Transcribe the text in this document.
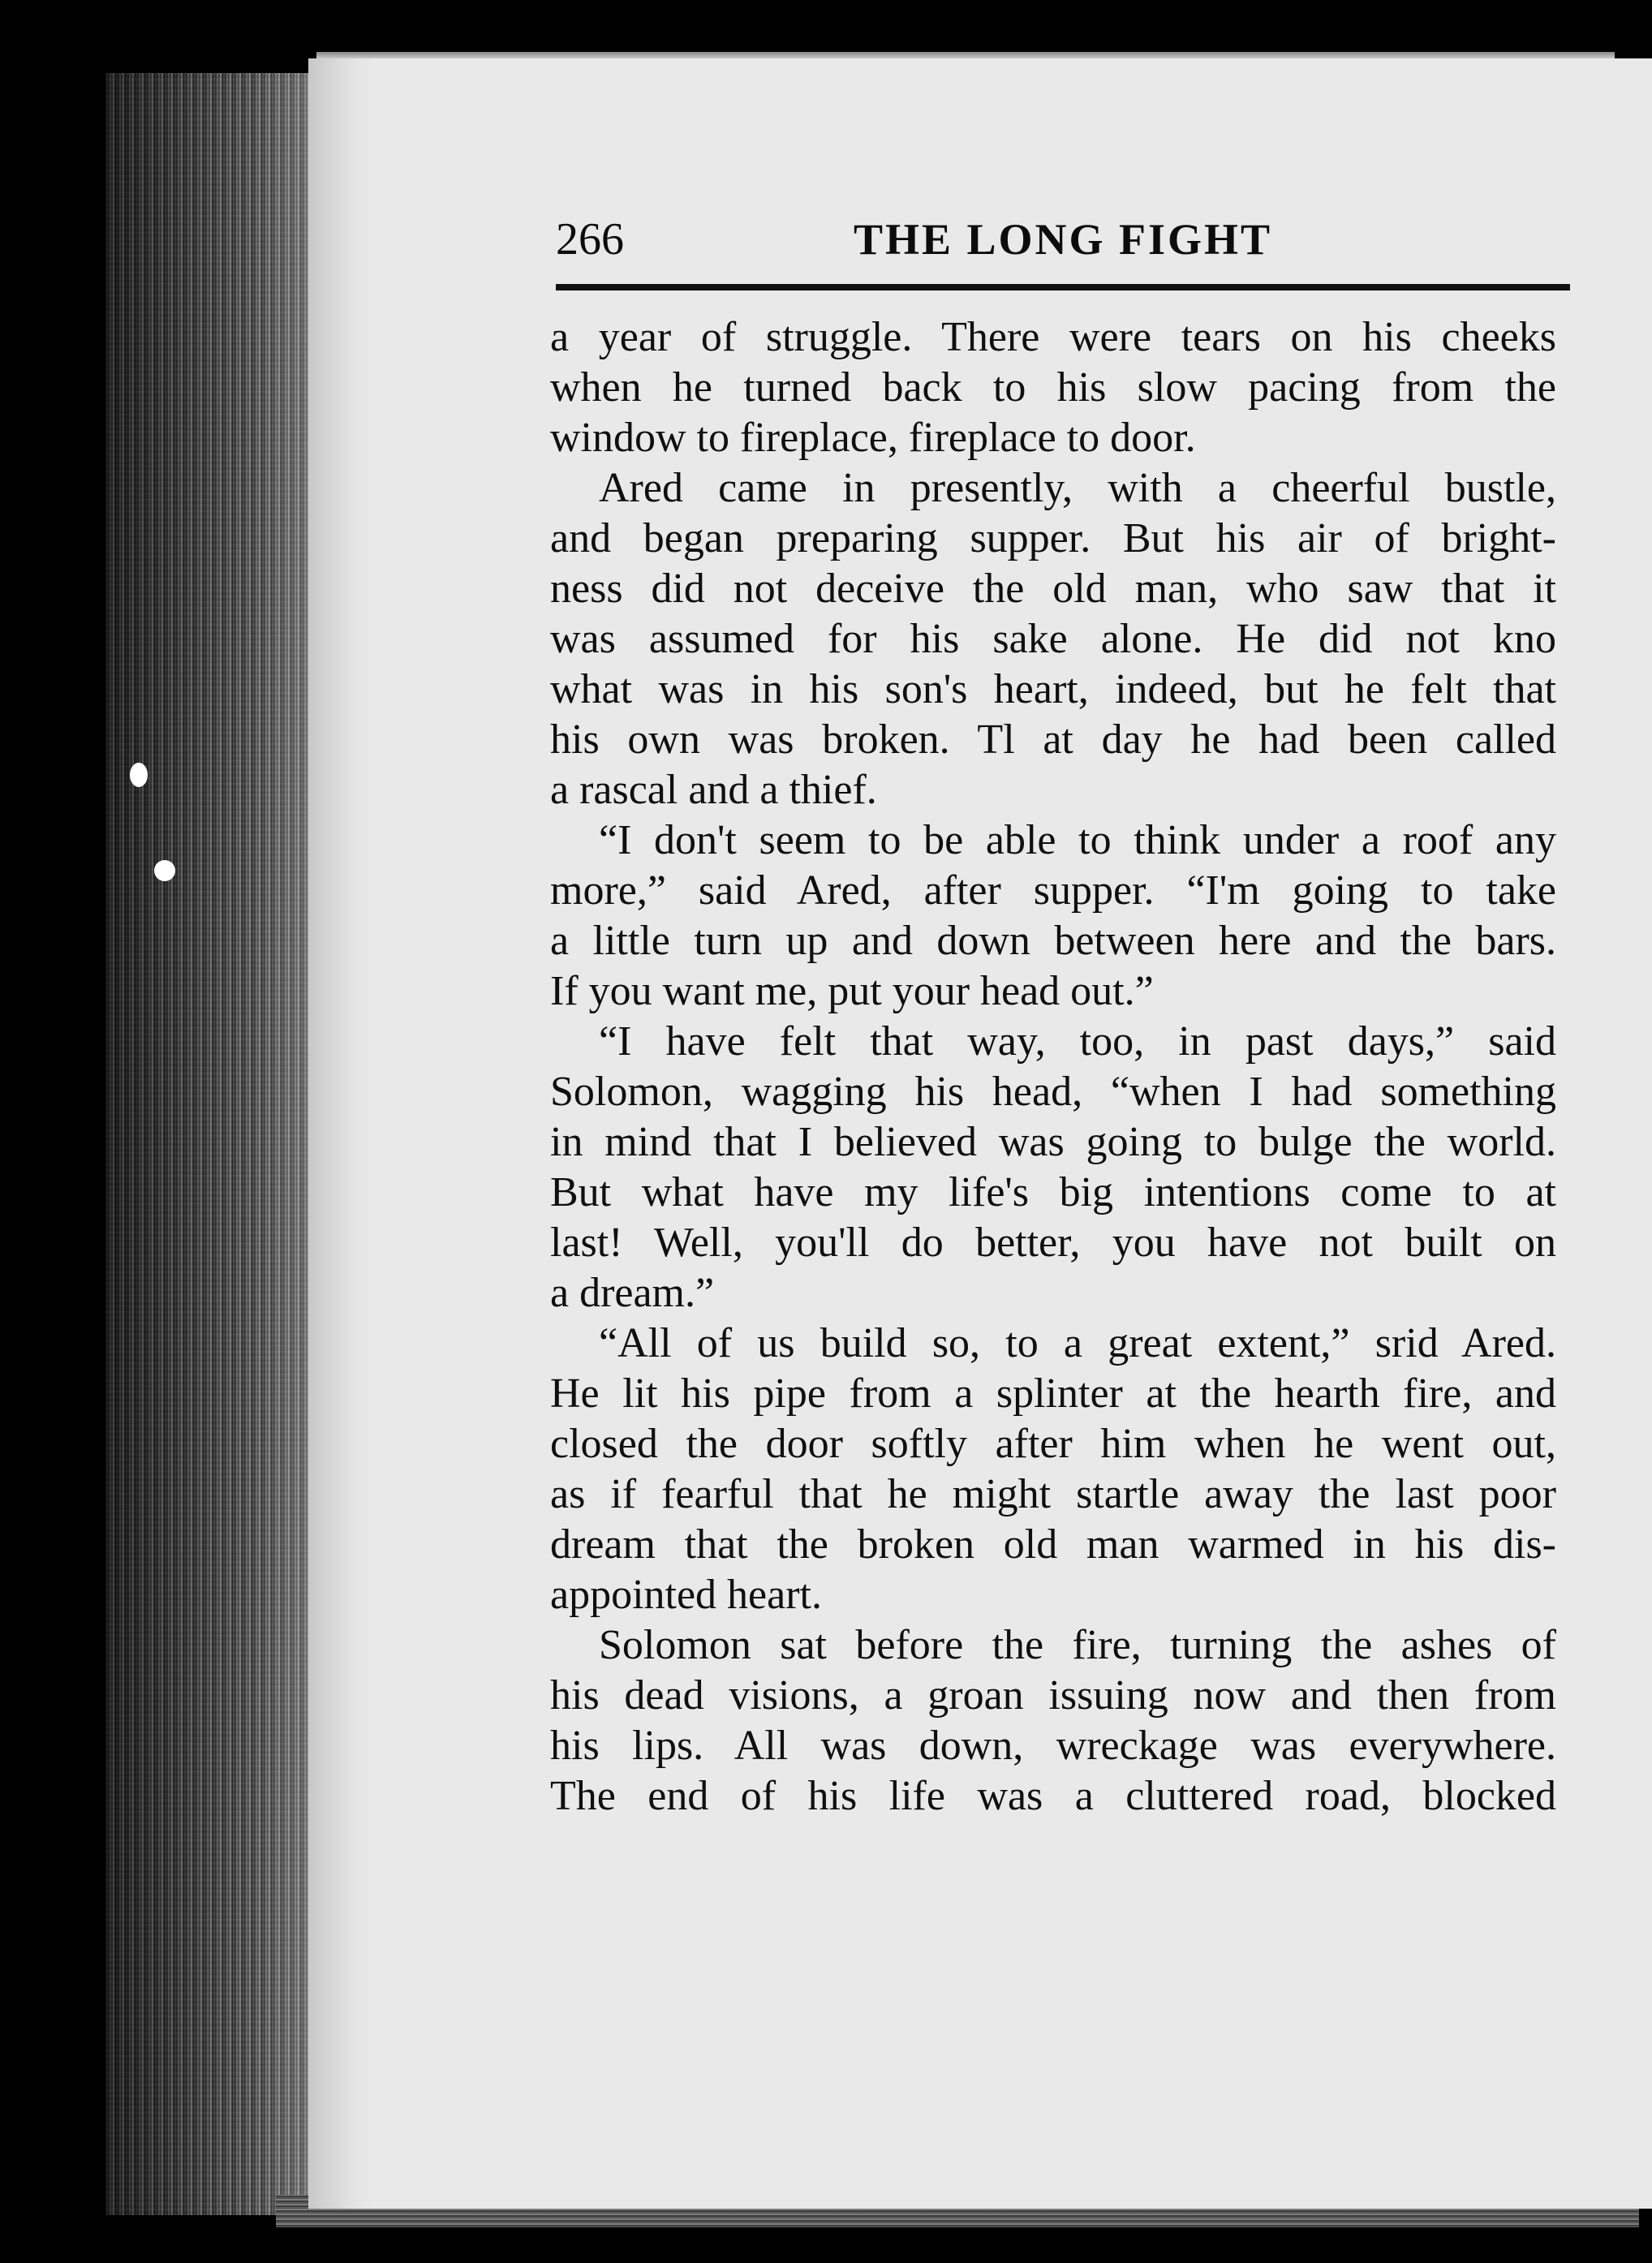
266	THE LONG FIGHT
a year of struggle. There were tears on his cheeks
when he turned back to his slow pacing from the
window to fireplace, fireplace to door.
Ared came in presently, with a cheerful bustle,
and began preparing supper. But his air of bright-
ness did not deceive the old man, who saw that it
was assumed for his sake alone. He did not kno
what was in his son's heart, indeed, but he felt that
his own was broken. Tl at day he had been called
a rascal and a thief.
“I don't seem to be able to think under a roof any
more,” said Ared, after supper. “I'm going to take
a little turn up and down between here and the bars.
If you want me, put your head out.”
“I have felt that way, too, in past days,” said
Solomon, wagging his head, “when I had something
in mind that I believed was going to bulge the world.
But what have my life's big intentions come to at
last! Well, you'll do better, you have not built on
a dream.”
“All of us build so, to a great extent,” srid Ared.
He lit his pipe from a splinter at the hearth fire, and
closed the door softly after him when he went out,
as if fearful that he might startle away the last poor
dream that the broken old man warmed in his dis-
appointed heart.
Solomon sat before the fire, turning the ashes of
his dead visions, a groan issuing now and then from
his lips. All was down, wreckage was everywhere.
The end of his life was a cluttered road, blocked
